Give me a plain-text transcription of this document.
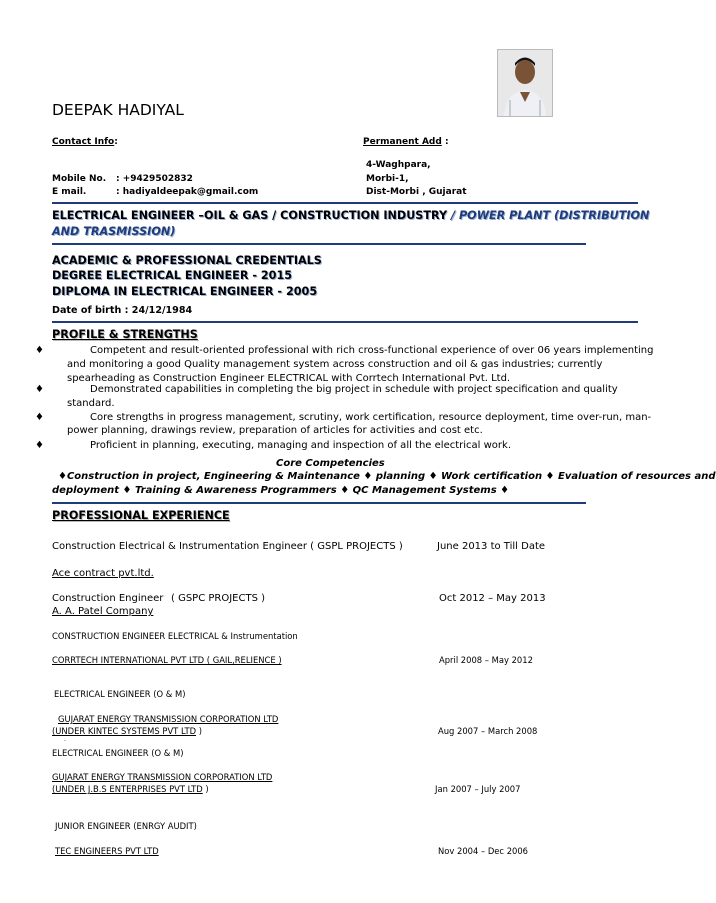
DEEPAK HADIYAL
Contact Info:	Permanent Add :
4-Waghpara,
Mobile No. : +9429502832	Morbi-1,
E mail.	: hadiyaldeepak@gmail.com	Dist-Morbi , Gujarat
ELECTRICAL ENGINEER –OIL & GAS / CONSTRUCTION INDUSTRY / POWER PLANT (DISTRIBUTION
AND TRASMISSION)
ACADEMIC & PROFESSIONAL CREDENTIALS
DEGREE ELECTRICAL ENGINEER - 2015
DIPLOMA IN ELECTRICAL ENGINEER - 2005
Date of birth : 24/12/1984
PROFILE & STRENGTHS
♦	Competent and result-oriented professional with rich cross-functional experience of over 06 years implementing
and monitoring a good Quality management system across construction and oil & gas industries; currently
spearheading as Construction Engineer ELECTRICAL with Corrtech International Pvt. Ltd.
♦	Demonstrated capabilities in completing the big project in schedule with project specification and quality
standard.
♦	Core strengths in progress management, scrutiny, work certification, resource deployment, time over-run, man-
power planning, drawings review, preparation of articles for activities and cost etc.
♦	Proficient in planning, executing, managing and inspection of all the electrical work.
Core Competencies
♦Construction in project, Engineering & Maintenance ♦ planning ♦ Work certification ♦ Evaluation of resources and
deployment ♦ Training & Awareness Programmers ♦ QC Management Systems ♦
PROFESSIONAL EXPERIENCE
Construction Electrical & Instrumentation Engineer ( GSPL PROJECTS )	June 2013 to Till Date
Ace contract pvt.ltd.
Construction Engineer ( GSPC PROJECTS )	Oct 2012 – May 2013
A. A. Patel Company
CONSTRUCTION ENGINEER ELECTRICAL & Instrumentation
CORRTECH INTERNATIONAL PVT LTD ( GAIL,RELIENCE )	April 2008 – May 2012
ELECTRICAL ENGINEER (O & M)
GUJARAT ENERGY TRANSMISSION CORPORATION LTD
(UNDER KINTEC SYSTEMS PVT LTD )	Aug 2007 – March 2008
.
ELECTRICAL ENGINEER (O & M)
GUJARAT ENERGY TRANSMISSION CORPORATION LTD
(UNDER J.B.S ENTERPRISES PVT LTD )	Jan 2007 – July 2007
JUNIOR ENGINEER (ENRGY AUDIT)
TEC ENGINEERS PVT LTD	Nov 2004 – Dec 2006
